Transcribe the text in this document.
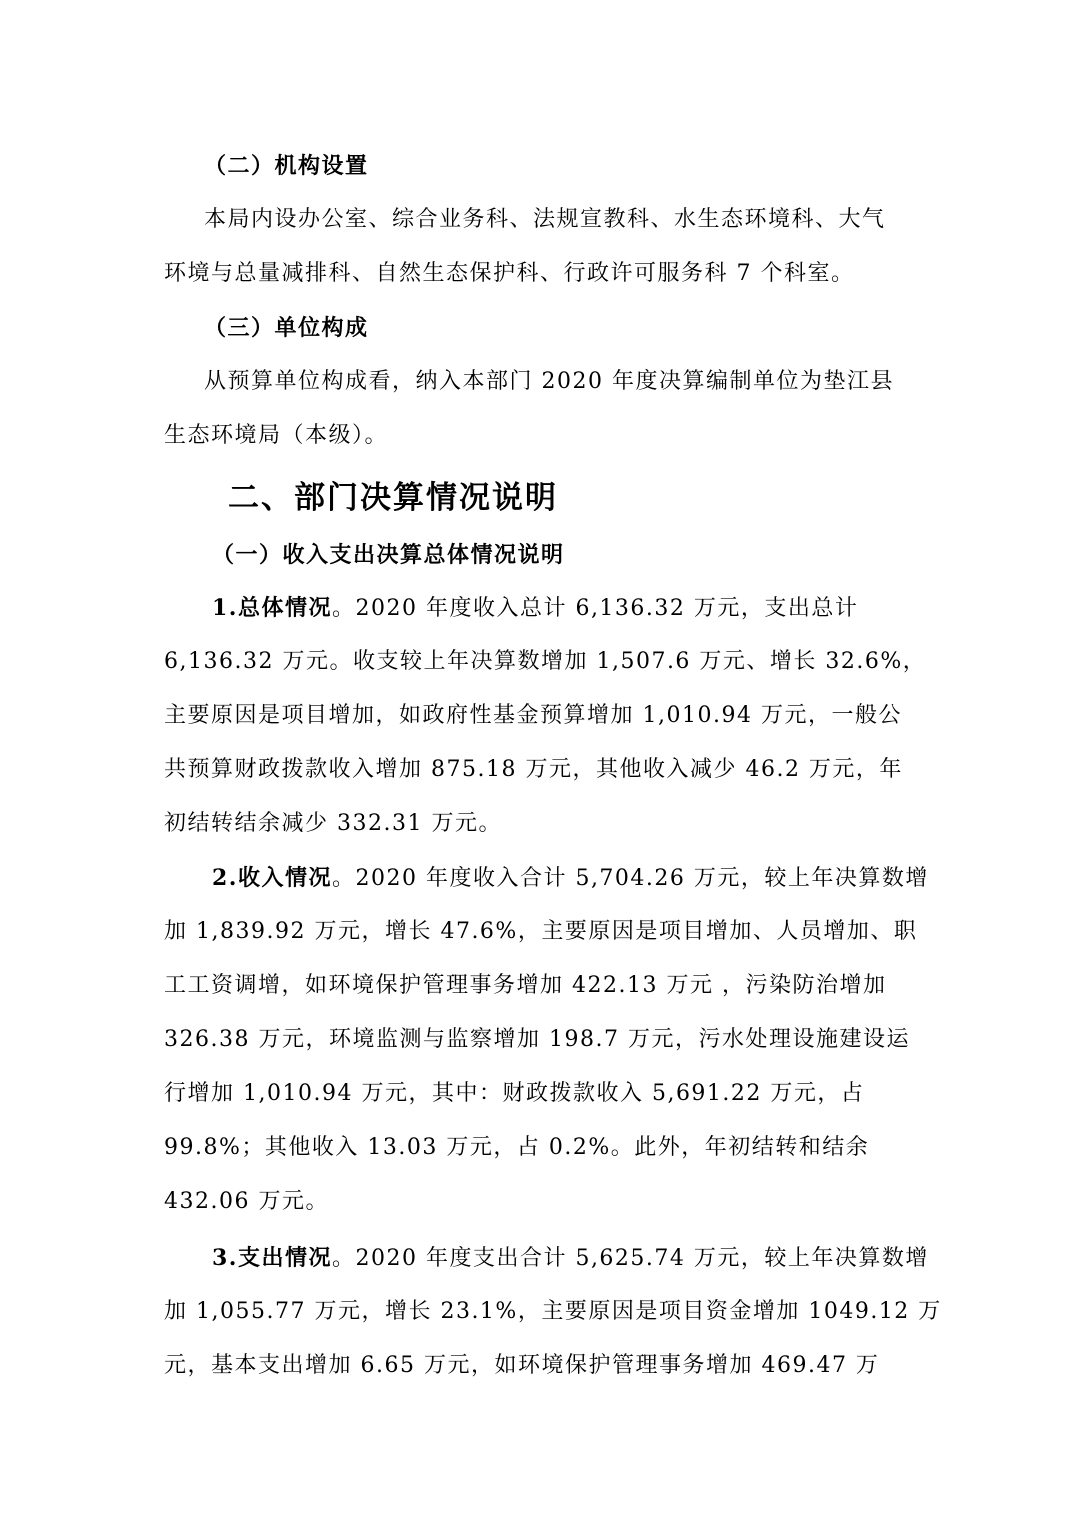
（二）机构设置
本局内设办公室、综合业务科、法规宣教科、水生态环境科、大气
环境与总量减排科、自然生态保护科、行政许可服务科 7 个科室。
（三）单位构成
从预算单位构成看，纳入本部门 2020 年度决算编制单位为垫江县
生态环境局（本级）。
二、部门决算情况说明
（一）收入支出决算总体情况说明
1.总体情况。2020 年度收入总计 6,136.32 万元，支出总计
6,136.32 万元。收支较上年决算数增加 1,507.6 万元、增长 32.6%，
主要原因是项目增加，如政府性基金预算增加 1,010.94 万元，一般公
共预算财政拨款收入增加 875.18 万元，其他收入减少 46.2 万元，年
初结转结余减少 332.31 万元。
2.收入情况。2020 年度收入合计 5,704.26 万元，较上年决算数增
加 1,839.92 万元，增长 47.6%，主要原因是项目增加、人员增加、职
工工资调增，如环境保护管理事务增加 422.13 万元 ，污染防治增加
326.38 万元，环境监测与监察增加 198.7 万元，污水处理设施建设运
行增加 1,010.94 万元，其中：财政拨款收入 5,691.22 万元，占
99.8%；其他收入 13.03 万元，占 0.2%。此外，年初结转和结余
432.06 万元。
3.支出情况。2020 年度支出合计 5,625.74 万元，较上年决算数增
加 1,055.77 万元，增长 23.1%，主要原因是项目资金增加 1049.12 万
元，基本支出增加 6.65 万元，如环境保护管理事务增加 469.47 万
